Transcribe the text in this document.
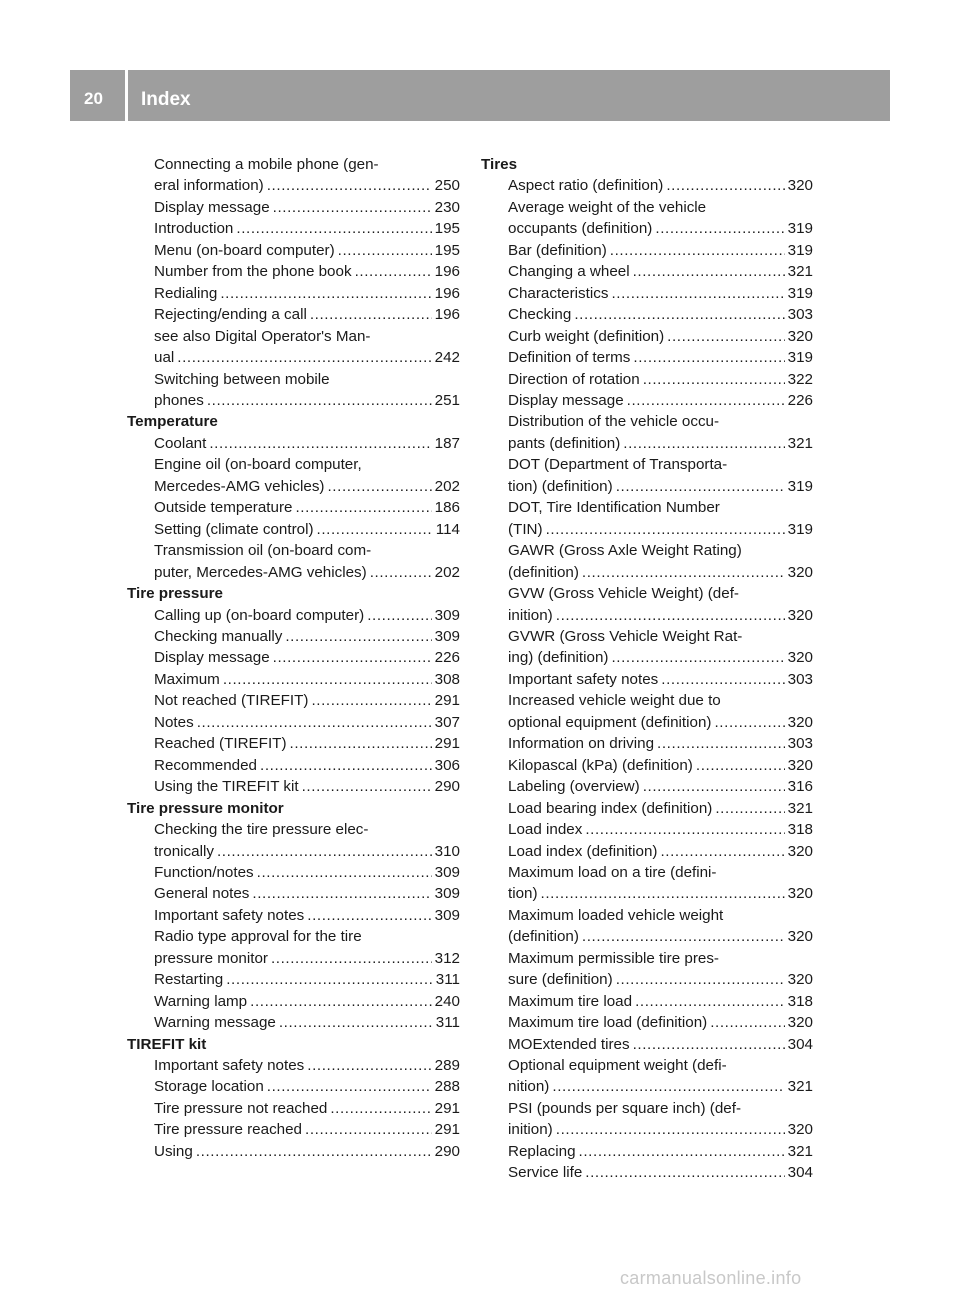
20 Index
Connecting a mobile phone (gen-
eral information) .....	250
Display message .....	230
Introduction .....	195
Menu (on-board computer) .....	195
Number from the phone book .....	196
Redialing .....	196
Rejecting/ending a call .....	196
see also Digital Operator's Man-
ual .....	242
Switching between mobile
phones .....	251
Temperature
Coolant .....	187
Engine oil (on-board computer,
Mercedes-AMG vehicles) .....	202
Outside temperature .....	186
Setting (climate control) .....	114
Transmission oil (on-board com-
puter, Mercedes-AMG vehicles) .....	202
Tire pressure
Calling up (on-board computer) .....	309
Checking manually .....	309
Display message .....	226
Maximum .....	308
Not reached (TIREFIT) .....	291
Notes .....	307
Reached (TIREFIT) .....	291
Recommended .....	306
Using the TIREFIT kit .....	290
Tire pressure monitor
Checking the tire pressure elec-
tronically .....	310
Function/notes .....	309
General notes .....	309
Important safety notes .....	309
Radio type approval for the tire
pressure monitor .....	312
Restarting .....	311
Warning lamp .....	240
Warning message .....	311
TIREFIT kit
Important safety notes .....	289
Storage location .....	288
Tire pressure not reached .....	291
Tire pressure reached .....	291
Using .....	290
Tires
Aspect ratio (definition) .....	320
Average weight of the vehicle
occupants (definition) .....	319
Bar (definition) .....	319
Changing a wheel .....	321
Characteristics .....	319
Checking .....	303
Curb weight (definition) .....	320
Definition of terms .....	319
Direction of rotation .....	322
Display message .....	226
Distribution of the vehicle occu-
pants (definition) .....	321
DOT (Department of Transporta-
tion) (definition) .....	319
DOT, Tire Identification Number
(TIN) .....	319
GAWR (Gross Axle Weight Rating)
(definition) .....	320
GVW (Gross Vehicle Weight) (def-
inition) .....	320
GVWR (Gross Vehicle Weight Rat-
ing) (definition) .....	320
Important safety notes .....	303
Increased vehicle weight due to
optional equipment (definition) .....	320
Information on driving .....	303
Kilopascal (kPa) (definition) .....	320
Labeling (overview) .....	316
Load bearing index (definition) .....	321
Load index .....	318
Load index (definition) .....	320
Maximum load on a tire (defini-
tion) .....	320
Maximum loaded vehicle weight
(definition) .....	320
Maximum permissible tire pres-
sure (definition) .....	320
Maximum tire load .....	318
Maximum tire load (definition) .....	320
MOExtended tires .....	304
Optional equipment weight (defi-
nition) .....	321
PSI (pounds per square inch) (def-
inition) .....	320
Replacing .....	321
Service life .....	304
carmanualsonline.info
